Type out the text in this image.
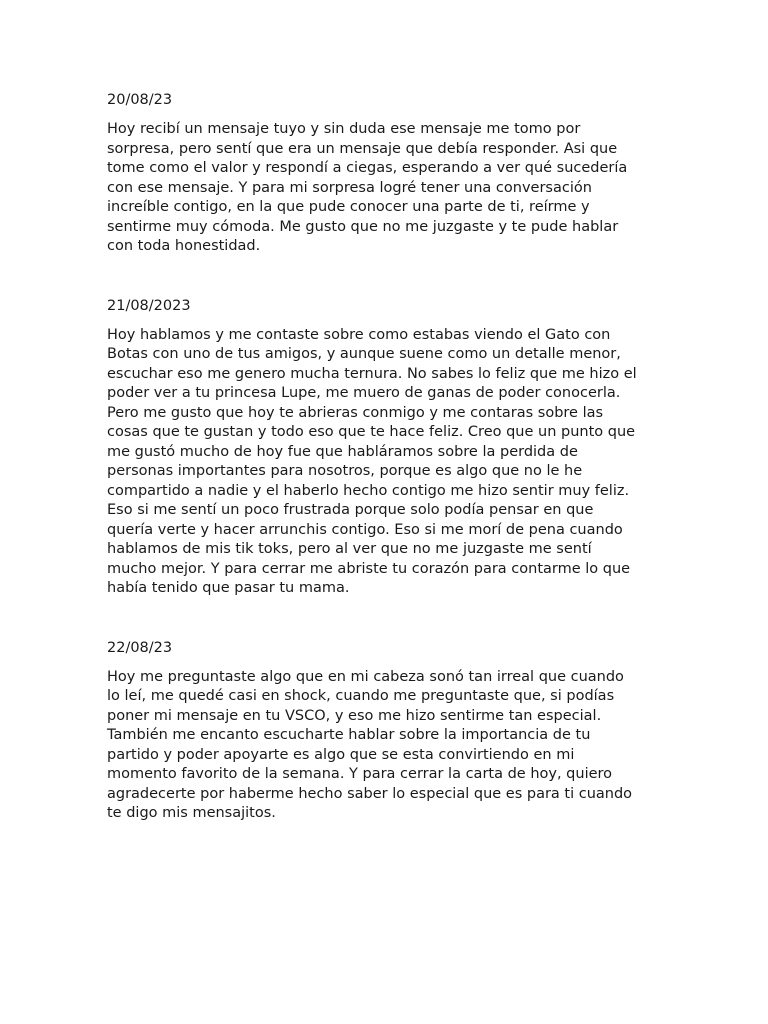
20/08/23

Hoy recibí un mensaje tuyo y sin duda ese mensaje me tomo por
sorpresa, pero sentí que era un mensaje que debía responder. Asi que
tome como el valor y respondí a ciegas, esperando a ver qué sucedería
con ese mensaje. Y para mi sorpresa logré tener una conversación
increíble contigo, en la que pude conocer una parte de ti, reírme y
sentirme muy cómoda. Me gusto que no me juzgaste y te pude hablar
con toda honestidad.

21/08/2023

Hoy hablamos y me contaste sobre como estabas viendo el Gato con
Botas con uno de tus amigos, y aunque suene como un detalle menor,
escuchar eso me genero mucha ternura. No sabes lo feliz que me hizo el
poder ver a tu princesa Lupe, me muero de ganas de poder conocerla.
Pero me gusto que hoy te abrieras conmigo y me contaras sobre las
cosas que te gustan y todo eso que te hace feliz. Creo que un punto que
me gustó mucho de hoy fue que habláramos sobre la perdida de
personas importantes para nosotros, porque es algo que no le he
compartido a nadie y el haberlo hecho contigo me hizo sentir muy feliz.
Eso si me sentí un poco frustrada porque solo podía pensar en que
quería verte y hacer arrunchis contigo. Eso si me morí de pena cuando
hablamos de mis tik toks, pero al ver que no me juzgaste me sentí
mucho mejor. Y para cerrar me abriste tu corazón para contarme lo que
había tenido que pasar tu mama.

22/08/23

Hoy me preguntaste algo que en mi cabeza sonó tan irreal que cuando
lo leí, me quedé casi en shock, cuando me preguntaste que, si podías
poner mi mensaje en tu VSCO, y eso me hizo sentirme tan especial.
También me encanto escucharte hablar sobre la importancia de tu
partido y poder apoyarte es algo que se esta convirtiendo en mi
momento favorito de la semana. Y para cerrar la carta de hoy, quiero
agradecerte por haberme hecho saber lo especial que es para ti cuando
te digo mis mensajitos.
